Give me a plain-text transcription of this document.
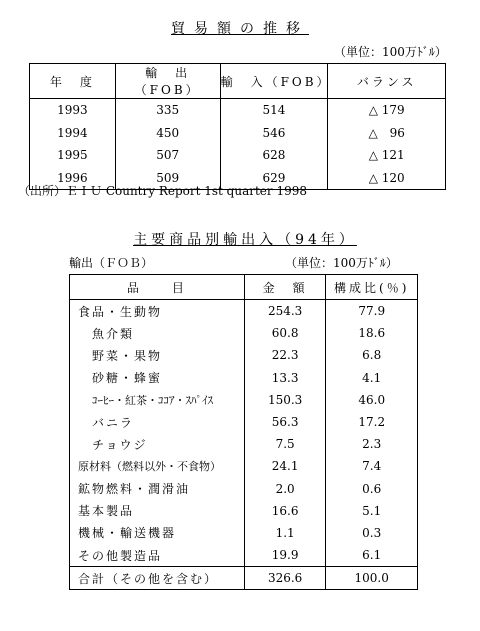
貿易額の推移
（単位：100万ﾄﾞﾙ）
年　度	輸　出（FOB）	輸　入（FOB）	バランス
1993	335	514	△ 179
1994	450	546	△　96
1995	507	628	△ 121
1996	509	629	△ 120
（出所）ＥＩＵ Country Report 1st quarter 1998
主要商品別輸出入（94年）
輸出（ＦＯＢ）	（単位：100万ﾄﾞﾙ）
品　　目	金　額	構成比(％)
食品・生動物	254.3	77.9
魚介類	60.8	18.6
野菜・果物	22.3	6.8
砂糖・蜂蜜	13.3	4.1
ｺｰﾋｰ・紅茶・ｺｺｱ・ｽﾊﾟｲｽ	150.3	46.0
バニラ	56.3	17.2
チョウジ	7.5	2.3
原材料（燃料以外・不食物）	24.1	7.4
鉱物燃料・潤滑油	2.0	0.6
基本製品	16.6	5.1
機械・輸送機器	1.1	0.3
その他製造品	19.9	6.1
合計（その他を含む）	326.6	100.0
